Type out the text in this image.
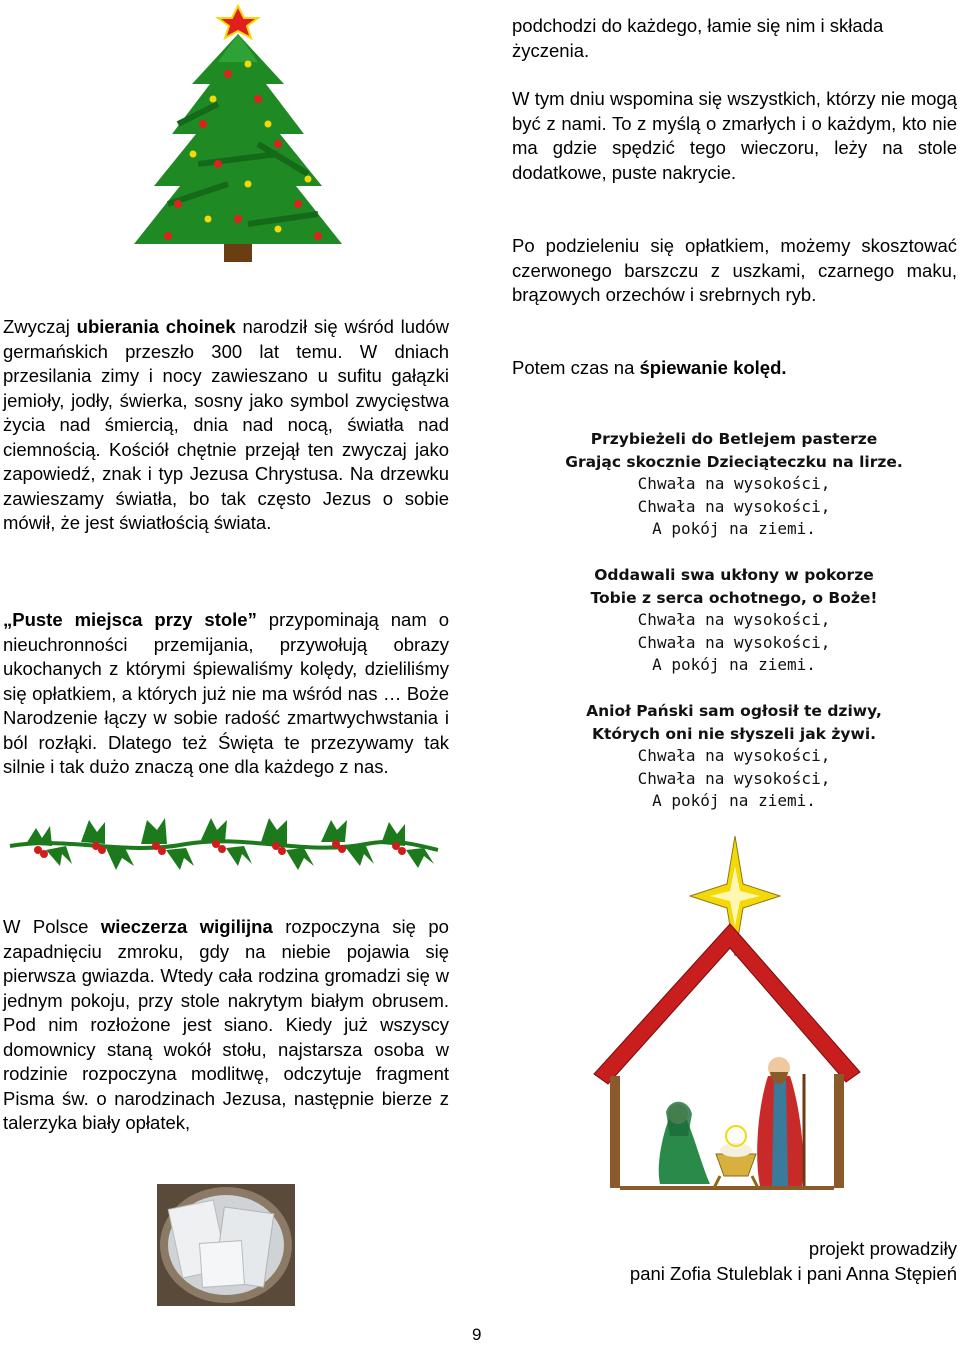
Zwyczaj ubierania choinek narodził się wśród ludów germańskich przeszło 300 lat temu. W dniach przesilania zimy i nocy zawieszano u sufitu gałązki jemioły, jodły, świerka, sosny jako symbol zwycięstwa życia nad śmiercią, dnia nad nocą, światła nad ciemnością. Kościół chętnie przejął ten zwyczaj jako zapowiedź, znak i typ Jezusa Chrystusa. Na drzewku zawieszamy światła, bo tak często Jezus o sobie mówił, że jest światłością świata.

„Puste miejsca przy stole” przypominają nam o nieuchronności przemijania, przywołują obrazy ukochanych z którymi śpiewaliśmy kolędy, dzieliliśmy się opłatkiem, a których już nie ma wśród nas … Boże Narodzenie łączy w sobie radość zmartwychwstania i ból rozłąki. Dlatego też Święta te przezywamy tak silnie i tak dużo znaczą one dla każdego z nas.

W Polsce wieczerza wigilijna rozpoczyna się po zapadnięciu zmroku, gdy na niebie pojawia się pierwsza gwiazda. Wtedy cała rodzina gromadzi się w jednym pokoju, przy stole nakrytym białym obrusem. Pod nim rozłożone jest siano. Kiedy już wszyscy domownicy staną wokół stołu, najstarsza osoba w rodzinie rozpoczyna modlitwę, odczytuje fragment Pisma św. o narodzinach Jezusa, następnie bierze z talerzyka biały opłatek,

podchodzi do każdego, łamie się nim i składa życzenia.

W tym dniu wspomina się wszystkich, którzy nie mogą być z nami. To z myślą o zmarłych i o każdym, kto nie ma gdzie spędzić tego wieczoru, leży na stole dodatkowe, puste nakrycie.

Po podzieleniu się opłatkiem, możemy skosztować czerwonego barszczu z uszkami, czarnego maku, brązowych orzechów i srebrnych ryb.

Potem czas na śpiewanie kolęd.

Przybieżeli do Betlejem pasterze
Grając skocznie Dzieciąteczku na lirze.
Chwała na wysokości,
Chwała na wysokości,
A pokój na ziemi.
Oddawali swa ukłony w pokorze
Tobie z serca ochotnego, o Boże!
Chwała na wysokości,
Chwała na wysokości,
A pokój na ziemi.
Anioł Pański sam ogłosił te dziwy,
Których oni nie słyszeli jak żywi.
Chwała na wysokości,
Chwała na wysokości,
A pokój na ziemi.
projekt prowadziły
pani Zofia Stuleblak i pani Anna Stępień
9
